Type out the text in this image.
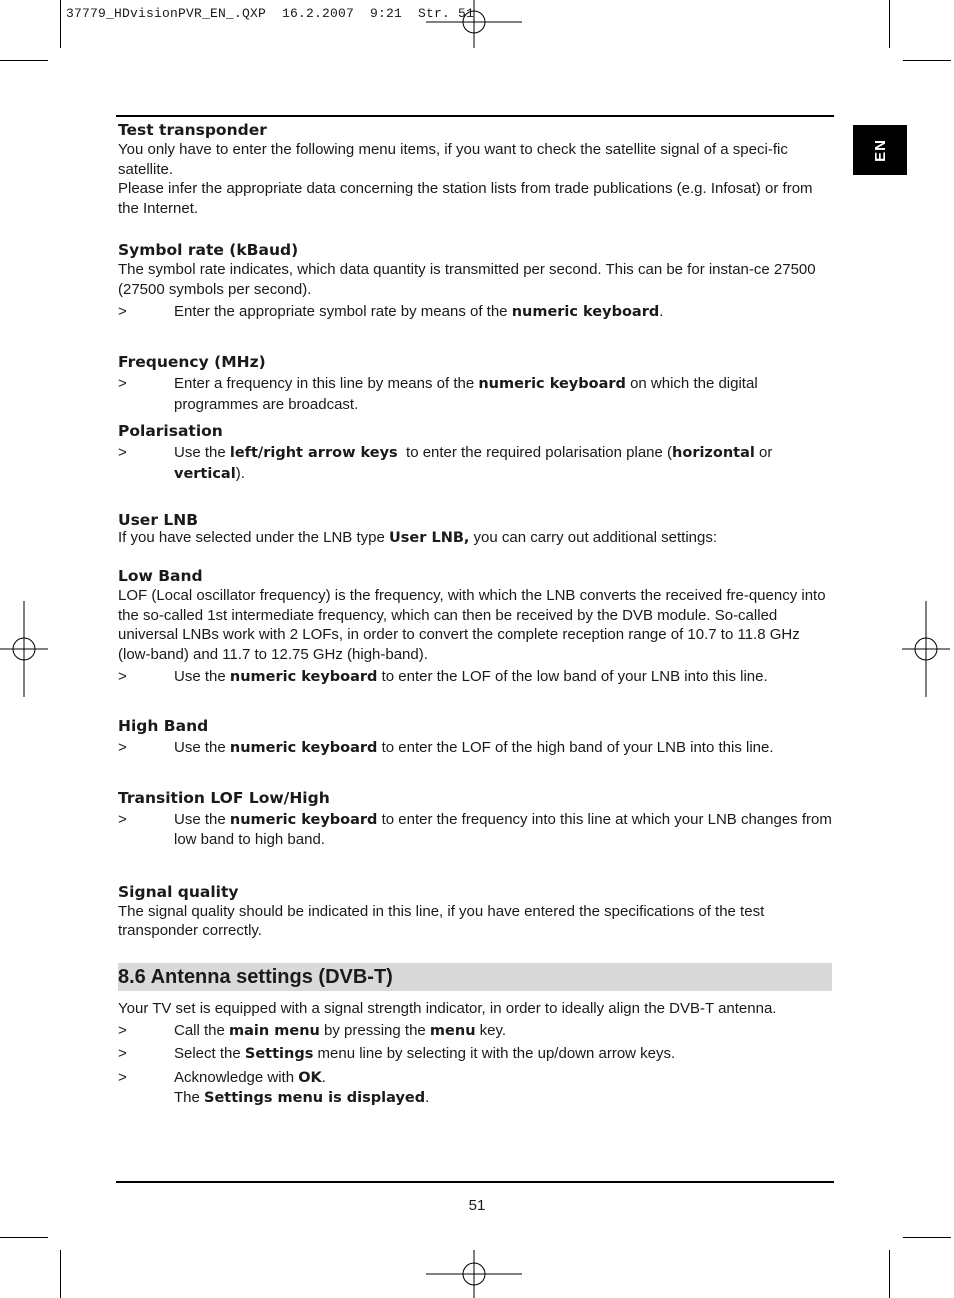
37779_HDvisionPVR_EN_.QXP  16.2.2007  9:21  Str. 51
EN

Test transponder

You only have to enter the following menu items, if you want to check the satellite signal of a speci-fic satellite.

Please infer the appropriate data concerning the station lists from trade publications (e.g. Infosat) or from the Internet.

Symbol rate (kBaud)

The symbol rate indicates, which data quantity is transmitted per second. This can be for instan-ce 27500 (27500 symbols per second).

>	Enter the appropriate symbol rate by means of the numeric keyboard.

Frequency (MHz)

>	Enter a frequency in this line by means of the numeric keyboard on which the digital programmes are broadcast.

Polarisation

>	Use the left/right arrow keys  to enter the required polarisation plane (horizontal or vertical).

User LNB

If you have selected under the LNB type User LNB, you can carry out additional settings:

Low Band

LOF (Local oscillator frequency) is the frequency, with which the LNB converts the received fre-quency into the so-called 1st intermediate frequency, which can then be received by the DVB module. So-called universal LNBs work with 2 LOFs, in order to convert the complete reception range of 10.7 to 11.8 GHz (low-band) and 11.7 to 12.75 GHz (high-band).

>	Use the numeric keyboard to enter the LOF of the low band of your LNB into this line.

High Band

>	Use the numeric keyboard to enter the LOF of the high band of your LNB into this line.

Transition LOF Low/High

>	Use the numeric keyboard to enter the frequency into this line at which your LNB changes from low band to high band.

Signal quality

The signal quality should be indicated in this line, if you have entered the specifications of the test transponder correctly.

8.6 Antenna settings (DVB-T)

Your TV set is equipped with a signal strength indicator, in order to ideally align the DVB-T antenna.

>	Call the main menu by pressing the menu key.
>	Select the Settings menu line by selecting it with the up/down arrow keys.
>	Acknowledge with OK.
The Settings menu is displayed.
51
